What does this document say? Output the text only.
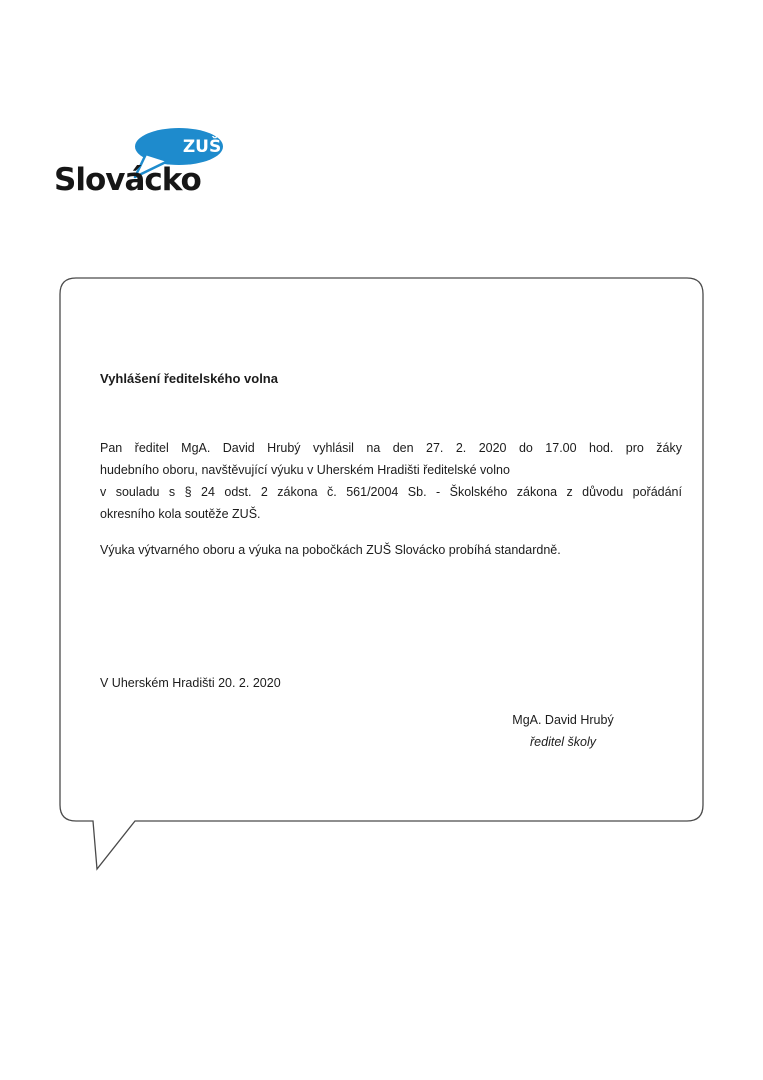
ZUŠ
Slovácko
Vyhlášení ředitelského volna
Pan ředitel MgA. David Hrubý vyhlásil na den 27. 2. 2020 do 17.00 hod. pro žáky
hudebního oboru, navštěvující výuku v Uherském Hradišti ředitelské volno
v souladu s § 24 odst. 2 zákona č. 561/2004 Sb. - Školského zákona z důvodu pořádání
okresního kola soutěže ZUŠ.
Výuka výtvarného oboru a výuka na pobočkách ZUŠ Slovácko probíhá standardně.
V Uherském Hradišti 20. 2. 2020
MgA. David Hrubý
ředitel školy
